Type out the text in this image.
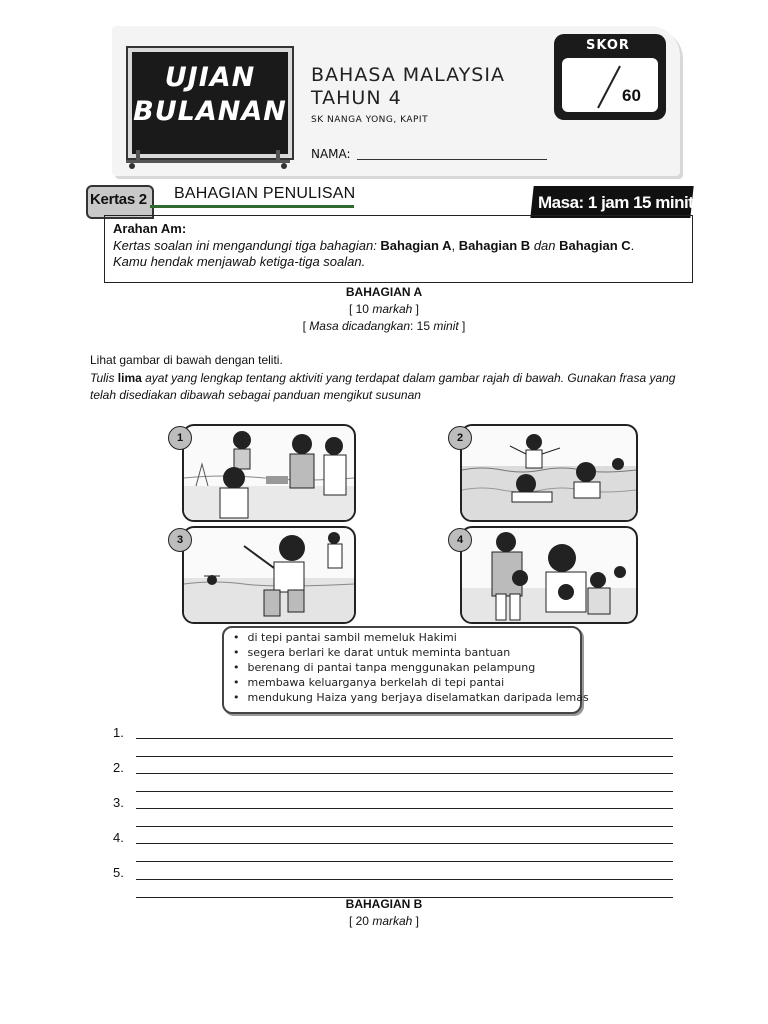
UJIAN
BULANAN
BAHASA MALAYSIA
TAHUN 4
SK NANGA YONG, KAPIT
NAMA:
SKOR
60
Kertas 2 BAHAGIAN PENULISAN	Masa: 1 jam 15 minit
Arahan Am:
Kertas soalan ini mengandungi tiga bahagian: Bahagian A, Bahagian B dan Bahagian C.
Kamu hendak menjawab ketiga-tiga soalan.
BAHAGIAN A
[ 10 markah ]
[ Masa dicadangkan: 15 minit ]
Lihat gambar di bawah dengan teliti.
Tulis lima ayat yang lengkap tentang aktiviti yang terdapat dalam gambar rajah di bawah. Gunakan frasa yang telah disediakan dibawah sebagai panduan mengikut susunan
1	2
3	4
• di tepi pantai sambil memeluk Hakimi
• segera berlari ke darat untuk meminta bantuan
• berenang di pantai tanpa menggunakan pelampung
• membawa keluarganya berkelah di tepi pantai
• mendukung Haiza yang berjaya diselamatkan daripada lemas
1.
2.
3.
4.
5.
BAHAGIAN B
[ 20 markah ]
